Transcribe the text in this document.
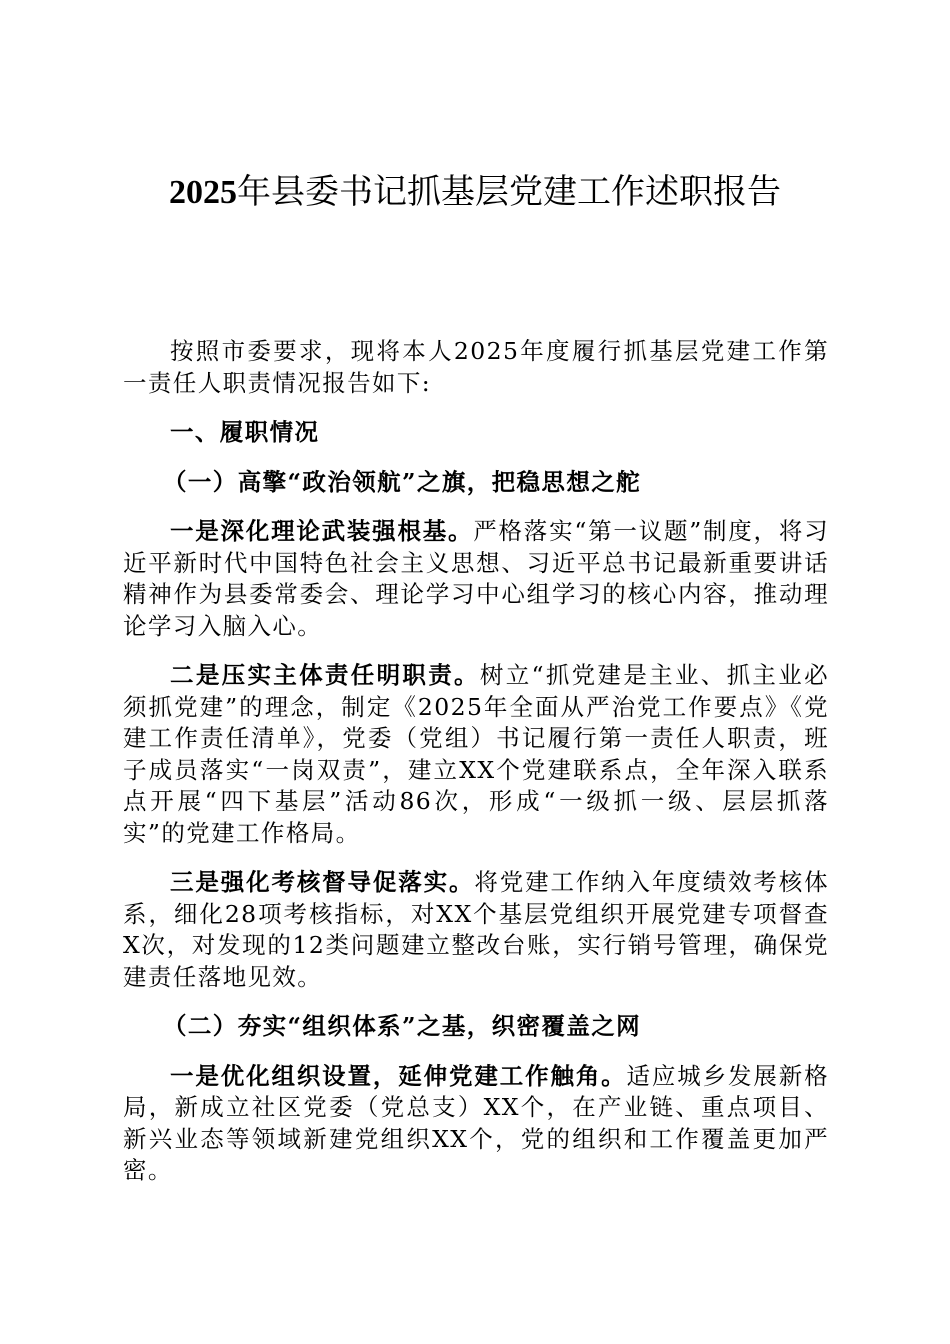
2025年县委书记抓基层党建工作述职报告

按照市委要求，现将本人2025年度履行抓基层党建工作第一责任人职责情况报告如下:

一、履职情况

（一）高擎“政治领航”之旗，把稳思想之舵

一是深化理论武装强根基。严格落实“第一议题”制度，将习近平新时代中国特色社会主义思想、习近平总书记最新重要讲话精神作为县委常委会、理论学习中心组学习的核心内容，推动理论学习入脑入心。

二是压实主体责任明职责。树立“抓党建是主业、抓主业必须抓党建”的理念，制定《2025年全面从严治党工作要点》《党建工作责任清单》，党委（党组）书记履行第一责任人职责，班子成员落实“一岗双责”，建立XX个党建联系点，全年深入联系点开展“四下基层”活动86次，形成“一级抓一级、层层抓落实”的党建工作格局。

三是强化考核督导促落实。将党建工作纳入年度绩效考核体系，细化28项考核指标，对XX个基层党组织开展党建专项督查X次，对发现的12类问题建立整改台账，实行销号管理，确保党建责任落地见效。

（二）夯实“组织体系”之基，织密覆盖之网

一是优化组织设置，延伸党建工作触角。适应城乡发展新格局，新成立社区党委（党总支）XX个，在产业链、重点项目、新兴业态等领域新建党组织XX个，党的组织和工作覆盖更加严密。
